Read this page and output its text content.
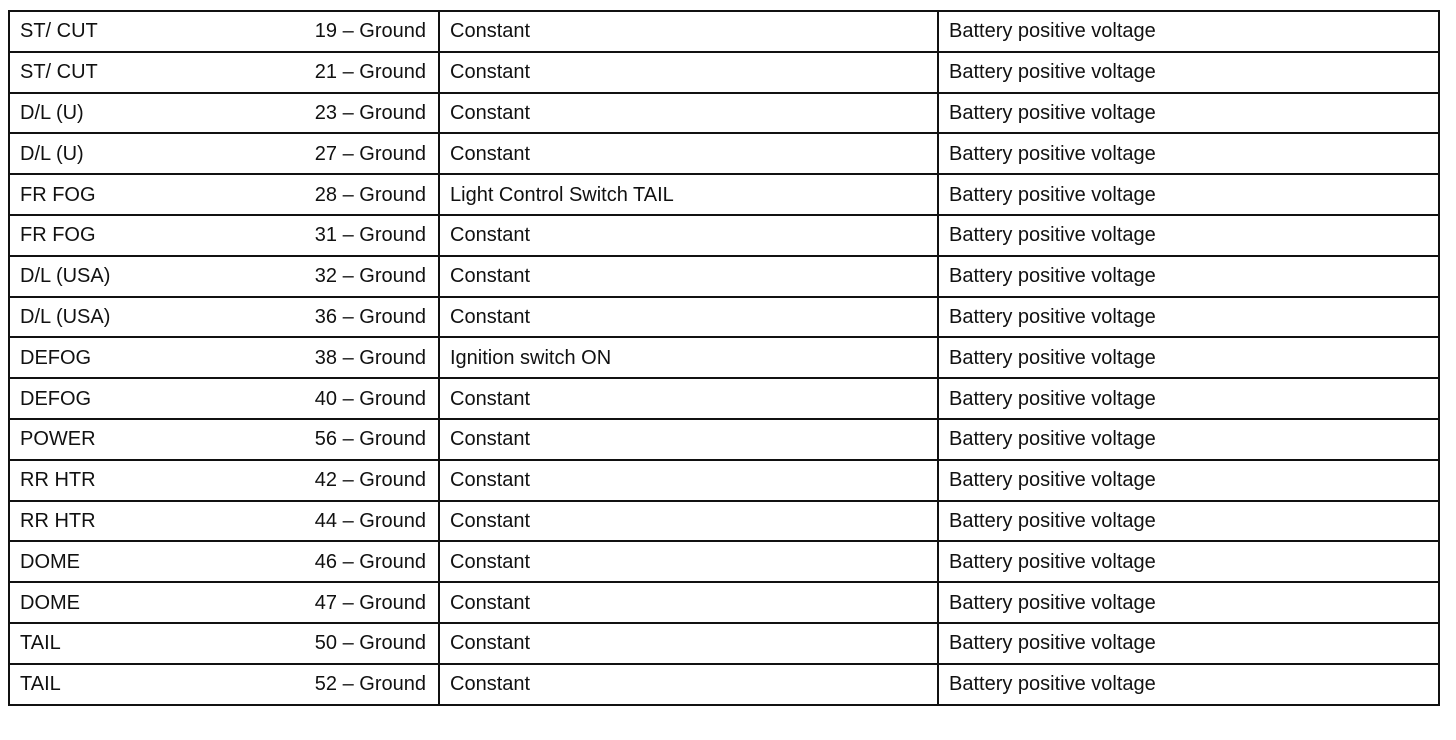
ST/ CUT 19 – Ground	Constant	Battery positive voltage

ST/ CUT 21 – Ground	Constant	Battery positive voltage

D/L (U) 23 – Ground	Constant	Battery positive voltage

D/L (U) 27 – Ground	Constant	Battery positive voltage

FR FOG 28 – Ground	Light Control Switch TAIL	Battery positive voltage

FR FOG 31 – Ground	Constant	Battery positive voltage

D/L (USA) 32 – Ground	Constant	Battery positive voltage

D/L (USA) 36 – Ground	Constant	Battery positive voltage

DEFOG 38 – Ground	Ignition switch ON	Battery positive voltage

DEFOG 40 – Ground	Constant	Battery positive voltage

POWER 56 – Ground	Constant	Battery positive voltage

RR HTR 42 – Ground	Constant	Battery positive voltage

RR HTR 44 – Ground	Constant	Battery positive voltage

DOME 46 – Ground	Constant	Battery positive voltage

DOME 47 – Ground	Constant	Battery positive voltage

TAIL 50 – Ground	Constant	Battery positive voltage

TAIL 52 – Ground	Constant	Battery positive voltage
